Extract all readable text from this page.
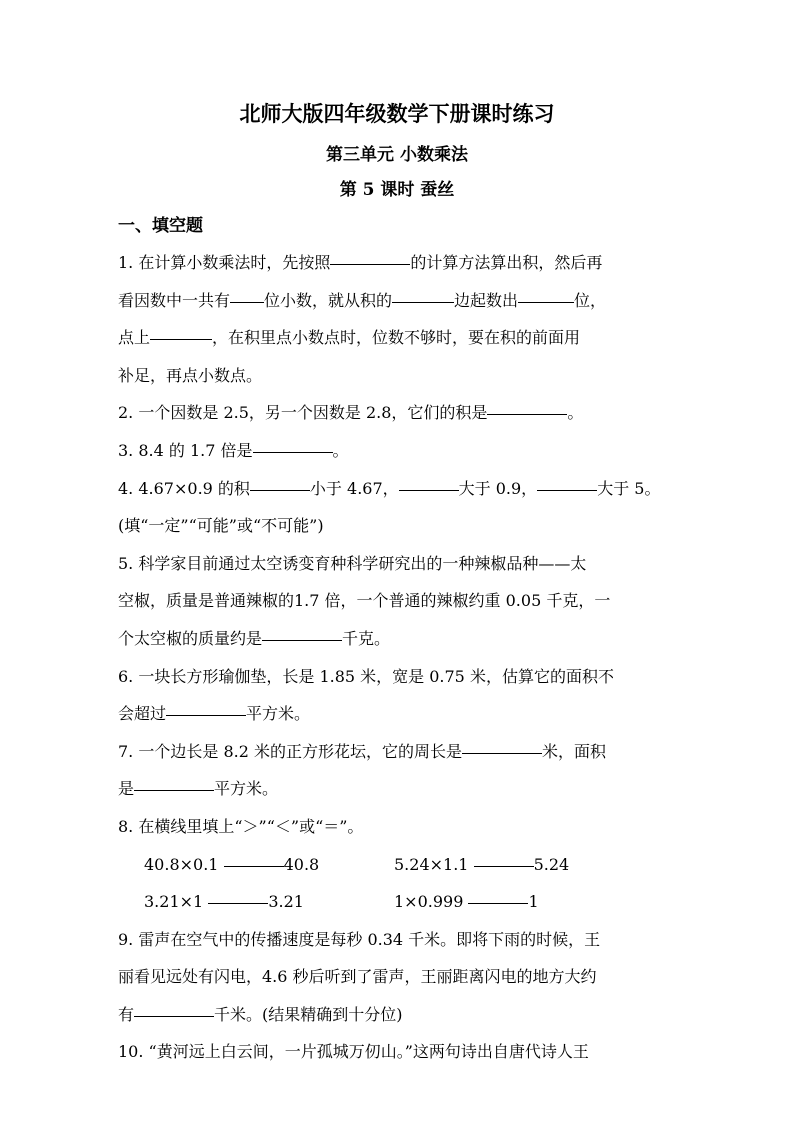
北师大版四年级数学下册课时练习
第三单元 小数乘法
第 5 课时 蚕丝
一、填空题
1. 在计算小数乘法时，先按照	的计算方法算出积，然后再
看因数中一共有 位小数，就从积的	边起数出	位，
点上	，在积里点小数点时，位数不够时，要在积的前面用
补足，再点小数点。
2. 一个因数是 2.5，另一个因数是 2.8，它们的积是	。
3. 8.4 的 1.7 倍是	。
4. 4.67×0.9 的积	小于 4.67，	大于 0.9，	大于 5。
(填“一定”“可能”或“不可能”)
5. 科学家目前通过太空诱变育种科学研究出的一种辣椒品种——太
空椒，质量是普通辣椒的1.7 倍，一个普通的辣椒约重 0.05 千克，一
个太空椒的质量约是	千克。
6. 一块长方形瑜伽垫，长是 1.85 米，宽是 0.75 米，估算它的面积不
会超过	平方米。
7. 一个边长是 8.2 米的正方形花坛，它的周长是	米，面积
是	平方米。
8. 在横线里填上“＞”“＜”或“＝”。
40.8×0.1	40.8	5.24×1.1	5.24
3.21×1	3.21	1×0.999	1
9. 雷声在空气中的传播速度是每秒 0.34 千米。即将下雨的时候，王
丽看见远处有闪电，4.6 秒后听到了雷声，王丽距离闪电的地方大约
有	千米。(结果精确到十分位)
10. “黄河远上白云间，一片孤城万仞山。”这两句诗出自唐代诗人王
